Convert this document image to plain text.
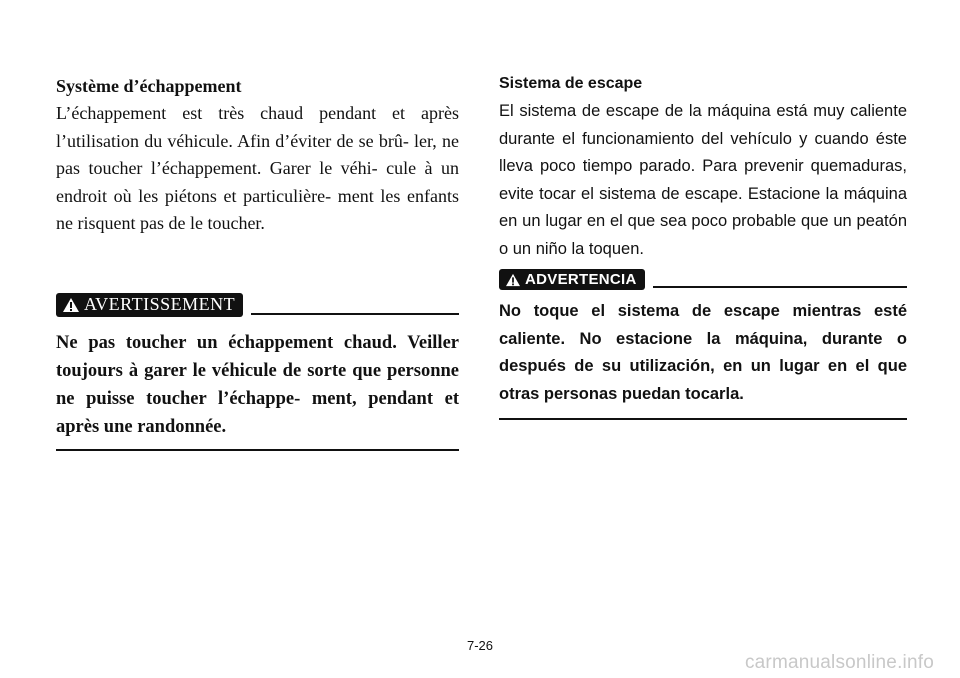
Système d’échappement

L’échappement est très chaud pendant et après l’utilisation du véhicule. Afin d’éviter de se brû- ler, ne pas toucher l’échappement. Garer le véhi- cule à un endroit où les piétons et particulière- ment les enfants ne risquent pas de le toucher.

AVERTISSEMENT

Ne pas toucher un échappement chaud. Veiller toujours à garer le véhicule de sorte que personne ne puisse toucher l’échappe- ment, pendant et après une randonnée.

Sistema de escape

El sistema de escape de la máquina está muy caliente durante el funcionamiento del vehículo y cuando éste lleva poco tiempo parado. Para prevenir quemaduras, evite tocar el sistema de escape. Estacione la máquina en un lugar en el que sea poco probable que un peatón o un niño la toquen.

ADVERTENCIA

No toque el sistema de escape mientras esté caliente. No estacione la máquina, durante o después de su utilización, en un lugar en el que otras personas puedan tocarla.

7-26
carmanualsonline.info
